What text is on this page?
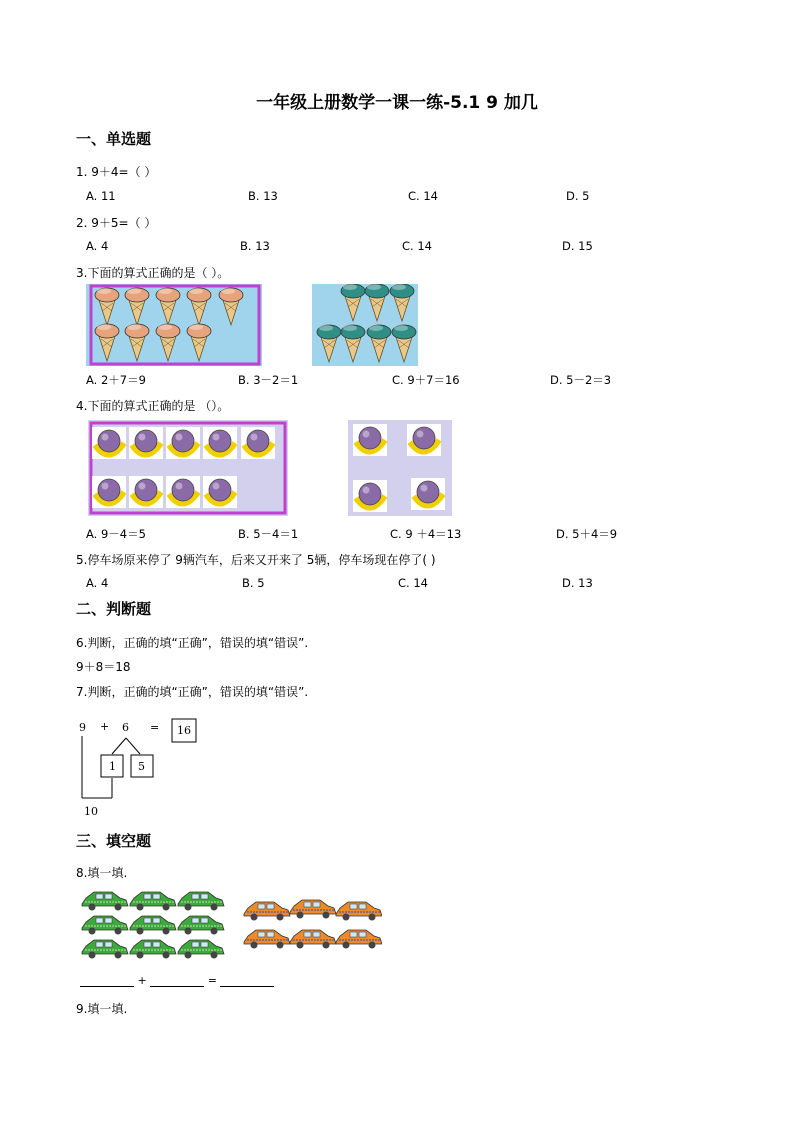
一年级上册数学一课一练-5.1 9 加几
一、单选题
1. 9＋4=（ ）
A. 11	B. 13	C. 14	D. 5
2. 9＋5=（ ）
A. 4	B. 13	C. 14	D. 15
3.下面的算式正确的是（ ）。
A. 2＋7＝9	B. 3－2＝1	C. 9＋7＝16	D. 5－2＝3
4.下面的算式正确的是 （）。
A. 9－4＝5	B. 5－4＝1	C. 9 ＋4＝13	D. 5＋4＝9
5.停车场原来停了 9辆汽车，后来又开来了 5辆，停车场现在停了( )
A. 4	B. 5	C. 14	D. 13
二、判断题
6.判断，正确的填“正确”，错误的填“错误”.
9＋8＝18
7.判断，正确的填“正确”，错误的填“错误”.
9 + 6 = 16
1 5
10
三、填空题
8.填一填.
+	=
9.填一填.
